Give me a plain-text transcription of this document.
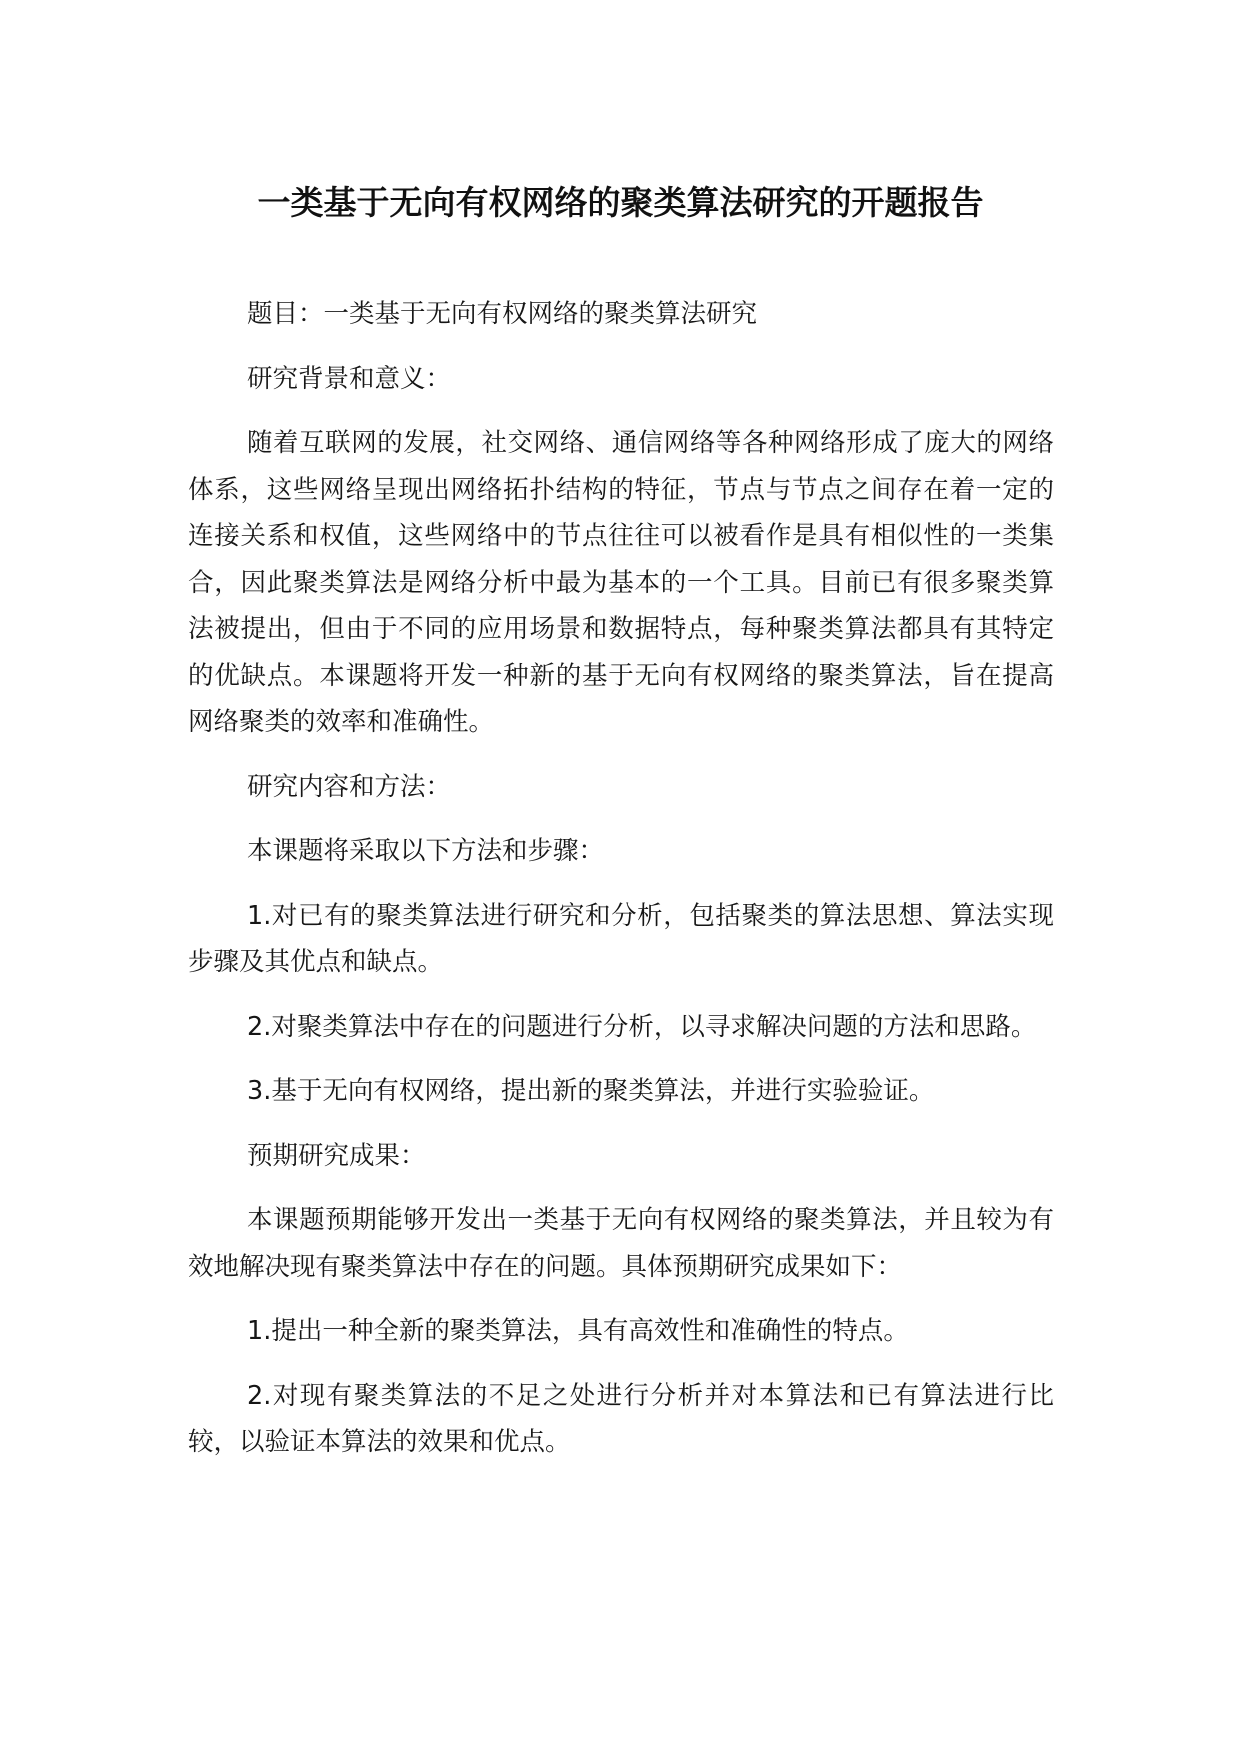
一类基于无向有权网络的聚类算法研究的开题报告

题目：一类基于无向有权网络的聚类算法研究

研究背景和意义：

随着互联网的发展，社交网络、通信网络等各种网络形成了庞大的网络体系，这些网络呈现出网络拓扑结构的特征，节点与节点之间存在着一定的连接关系和权值，这些网络中的节点往往可以被看作是具有相似性的一类集合，因此聚类算法是网络分析中最为基本的一个工具。目前已有很多聚类算法被提出，但由于不同的应用场景和数据特点，每种聚类算法都具有其特定的优缺点。本课题将开发一种新的基于无向有权网络的聚类算法，旨在提高网络聚类的效率和准确性。

研究内容和方法：

本课题将采取以下方法和步骤：

1.对已有的聚类算法进行研究和分析，包括聚类的算法思想、算法实现步骤及其优点和缺点。

2.对聚类算法中存在的问题进行分析，以寻求解决问题的方法和思路。

3.基于无向有权网络，提出新的聚类算法，并进行实验验证。

预期研究成果：

本课题预期能够开发出一类基于无向有权网络的聚类算法，并且较为有效地解决现有聚类算法中存在的问题。具体预期研究成果如下：

1.提出一种全新的聚类算法，具有高效性和准确性的特点。

2.对现有聚类算法的不足之处进行分析并对本算法和已有算法进行比较，以验证本算法的效果和优点。
